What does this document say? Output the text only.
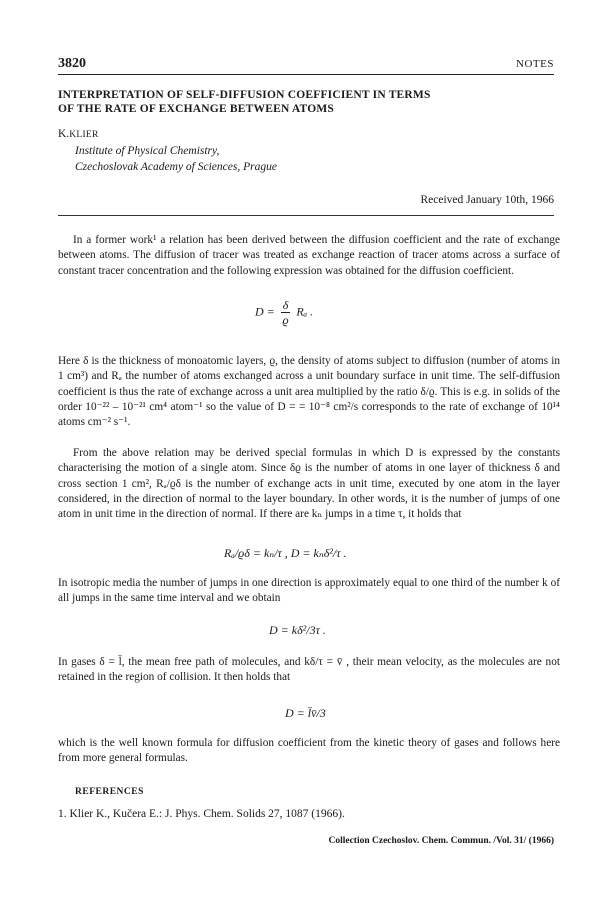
3820	NOTES
INTERPRETATION OF SELF-DIFFUSION COEFFICIENT IN TERMS
OF THE RATE OF EXCHANGE BETWEEN ATOMS
K.KLIER
Institute of Physical Chemistry,
Czechoslovak Academy of Sciences, Prague
Received January 10th, 1966

In a former work¹ a relation has been derived between the diffusion coefficient and the rate of exchange between atoms. The diffusion of tracer was treated as exchange reaction of tracer atoms across a surface of constant tracer concentration and the following expression was obtained for the diffusion coefficient.

$D = \frac{\delta}{ϱ}$ Rₐ .

Here δ is the thickness of monoatomic layers, ϱ, the density of atoms subject to diffusion (number of atoms in 1 cm³) and Rₐ the number of atoms exchanged across a unit boundary surface in unit time. The self-diffusion coefficient is thus the rate of exchange across a unit area multiplied by the ratio δ/ϱ. This is e.g. in solids of the order 10⁻²² – 10⁻²¹ cm⁴ atom⁻¹ so the value of D = = 10⁻⁸ cm²/s corresponds to the rate of exchange of 10¹⁴ atoms cm⁻² s⁻¹.

From the above relation may be derived special formulas in which D is expressed by the constants characterising the motion of a single atom. Since δϱ is the number of atoms in one layer of thickness δ and cross section 1 cm², Rₐ/ϱδ is the number of exchange acts in unit time, executed by one atom in the layer considered, in the direction of normal to the layer boundary. In other words, it is the number of jumps of one atom in unit time in the direction of normal. If there are kₙ jumps in a time τ, it holds that

Rₐ/ϱδ = kₙ/τ , D = kₙδ²/τ .

In isotropic media the number of jumps in one direction is approximately equal to one third of the number k of all jumps in the same time interval and we obtain

D = kδ²/3τ .

In gases δ = l̄, the mean free path of molecules, and kδ/τ = v̄ , their mean velocity, as the molecules are not retained in the region of collision. It then holds that

D = l̄v̄/3

which is the well known formula for diffusion coefficient from the kinetic theory of gases and follows here from more general formulas.

REFERENCES
1. Klier K., Kučera E.: J. Phys. Chem. Solids 27, 1087 (1966).
Collection Czechoslov. Chem. Commun. /Vol. 31/ (1966)
